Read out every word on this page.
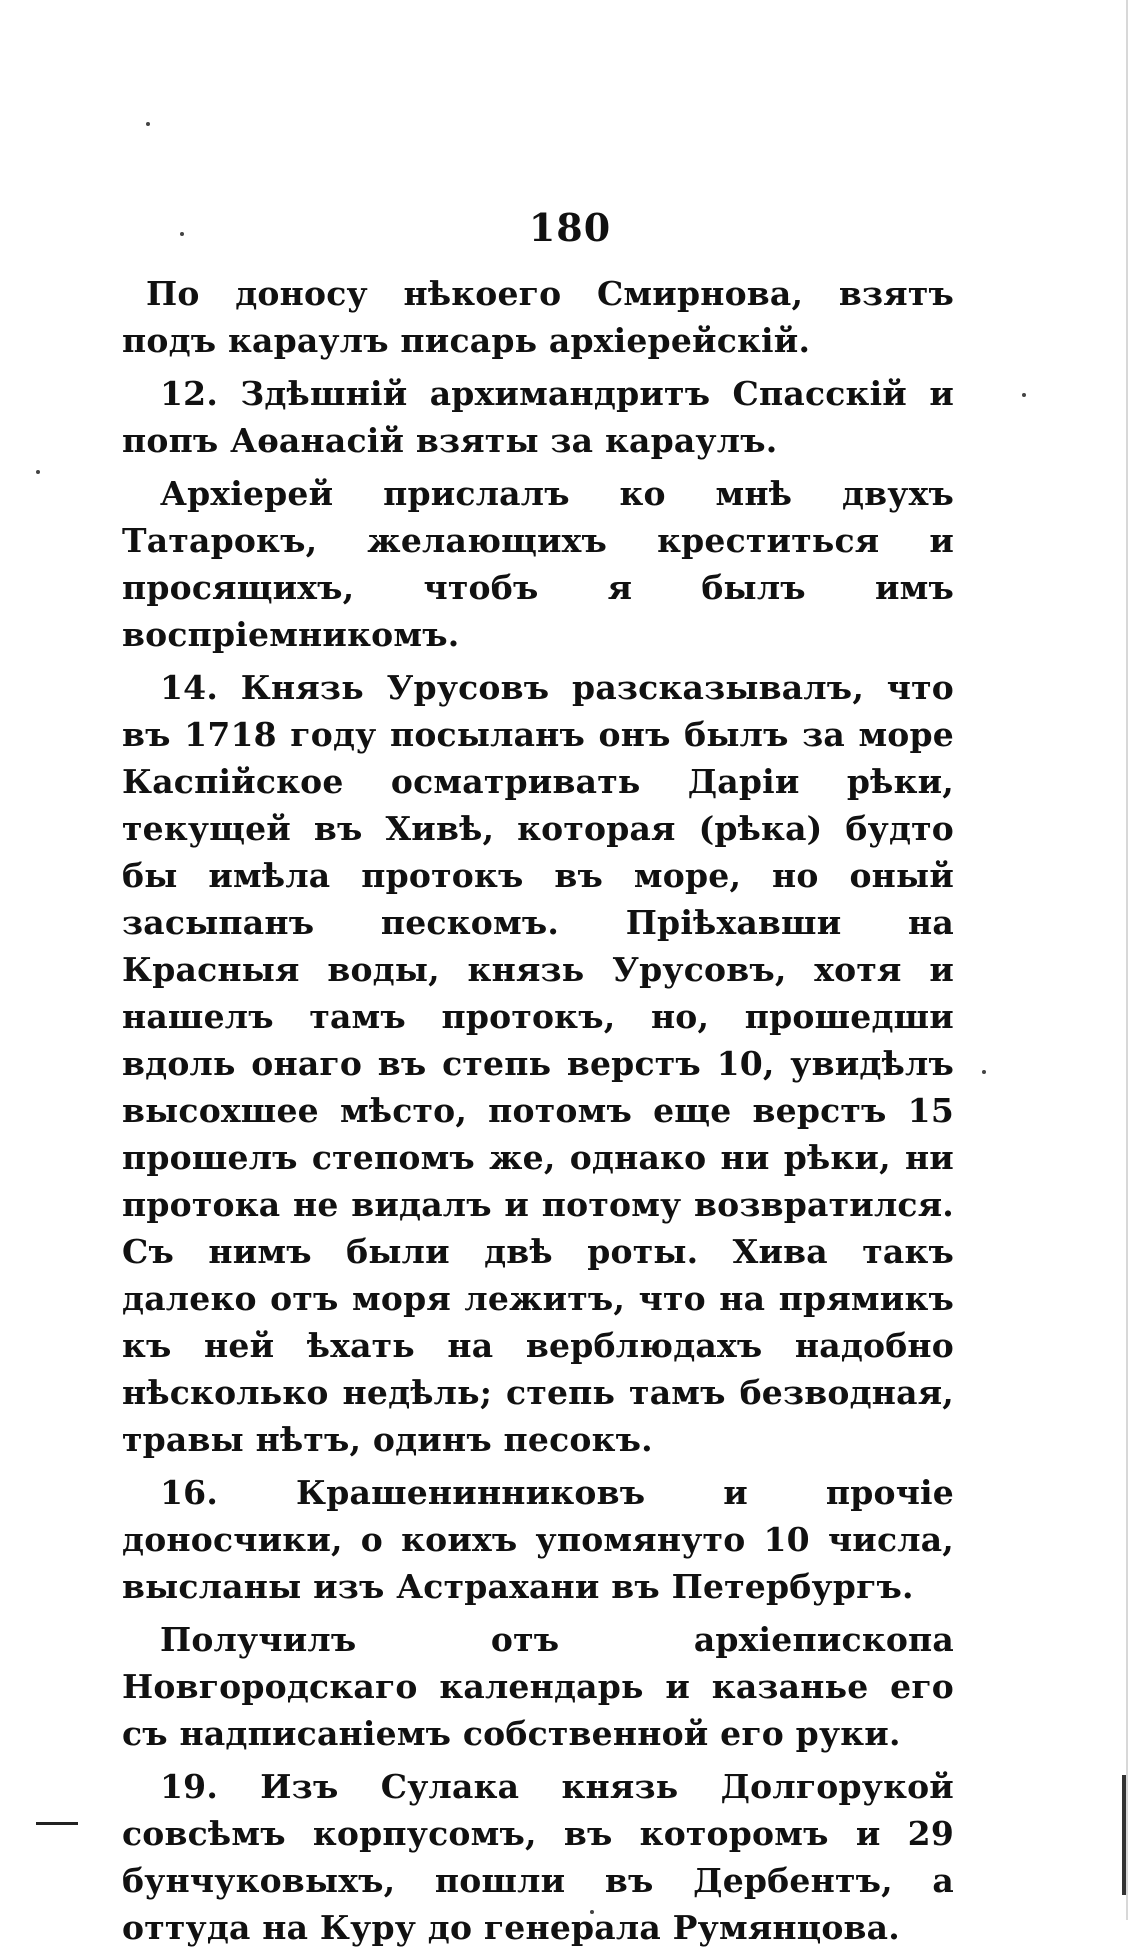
180

По доносу нѣкоего Смирнова, взятъ подъ караулъ писарь архіерейскій.

12. Здѣшній архимандритъ Спасскій и попъ Аѳанасій взяты за караулъ.

Архіерей прислалъ ко мнѣ двухъ Татарокъ, желающихъ креститься и просящихъ, чтобъ я былъ имъ воспріемникомъ.

14. Князь Урусовъ разсказывалъ, что въ 1718 году посыланъ онъ былъ за море Каспійское осматривать Даріи рѣки, текущей въ Хивѣ, которая (рѣка) будто бы имѣла протокъ въ море, но оный засыпанъ пескомъ. Пріѣхавши на Красныя воды, князь Урусовъ, хотя и нашелъ тамъ протокъ, но, прошедши вдоль онаго въ степь верстъ 10, увидѣлъ высохшее мѣсто, потомъ еще верстъ 15 прошелъ степомъ же, однако ни рѣки, ни протока не видалъ и потому возвратился. Съ нимъ были двѣ роты. Хива такъ далеко отъ моря лежитъ, что на прямикъ къ ней ѣхать на верблюдахъ надобно нѣсколько недѣль; степь тамъ безводная, травы нѣтъ, одинъ песокъ.

16. Крашенинниковъ и прочіе доносчики, о коихъ упомянуто 10 числа, высланы изъ Астрахани въ Петербургъ.

Получилъ отъ архіепископа Новгородскаго календарь и казанье его съ надписаніемъ собственной его руки.

19. Изъ Сулака князь Долгорукой совсѣмъ корпусомъ, въ которомъ и 29 бунчуковыхъ, пошли въ Дербентъ, а оттуда на Куру до генерала Румянцова.
